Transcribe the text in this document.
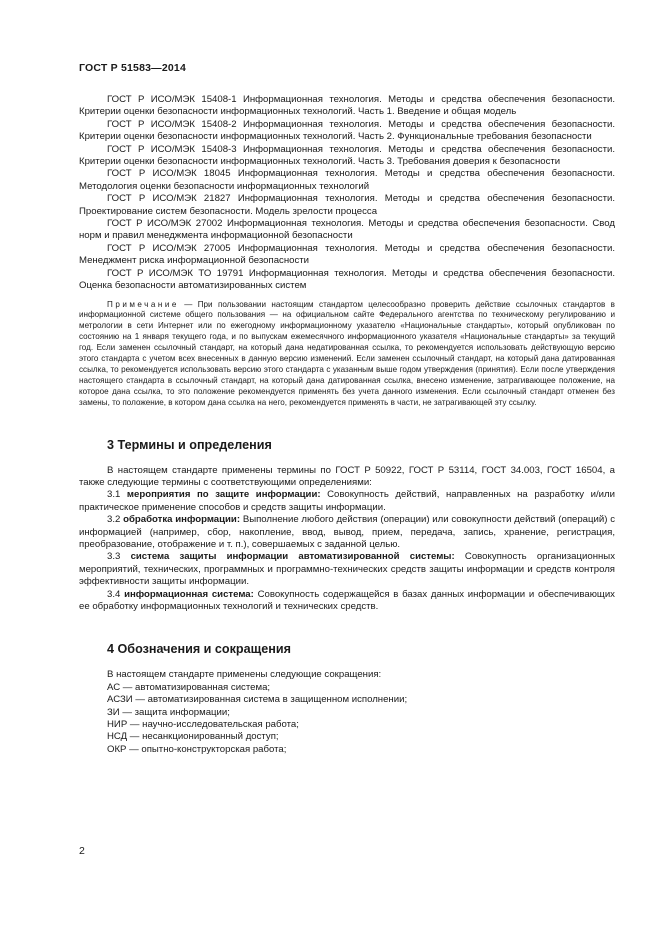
ГОСТ Р 51583—2014

ГОСТ Р ИСО/МЭК 15408-1 Информационная технология. Методы и средства обеспечения безопасности. Критерии оценки безопасности информационных технологий. Часть 1. Введение и общая модель

ГОСТ Р ИСО/МЭК 15408-2 Информационная технология. Методы и средства обеспечения безопасности. Критерии оценки безопасности информационных технологий. Часть 2. Функциональные требования безопасности

ГОСТ Р ИСО/МЭК 15408-3 Информационная технология. Методы и средства обеспечения безопасности. Критерии оценки безопасности информационных технологий. Часть 3. Требования доверия к безопасности

ГОСТ Р ИСО/МЭК 18045 Информационная технология. Методы и средства обеспечения безопасности. Методология оценки безопасности информационных технологий

ГОСТ Р ИСО/МЭК 21827 Информационная технология. Методы и средства обеспечения безопасности. Проектирование систем безопасности. Модель зрелости процесса

ГОСТ Р ИСО/МЭК 27002 Информационная технология. Методы и средства обеспечения безопасности. Свод норм и правил менеджмента информационной безопасности

ГОСТ Р ИСО/МЭК 27005 Информационная технология. Методы и средства обеспечения безопасности. Менеджмент риска информационной безопасности

ГОСТ Р ИСО/МЭК ТО 19791 Информационная технология. Методы и средства обеспечения безопасности. Оценка безопасности автоматизированных систем

Примечание — При пользовании настоящим стандартом целесообразно проверить действие ссылочных стандартов в информационной системе общего пользования — на официальном сайте Федерального агентства по техническому регулированию и метрологии в сети Интернет или по ежегодному информационному указателю «Национальные стандарты», который опубликован по состоянию на 1 января текущего года, и по выпускам ежемесячного информационного указателя «Национальные стандарты» за текущий год. Если заменен ссылочный стандарт, на который дана недатированная ссылка, то рекомендуется использовать действующую версию этого стандарта с учетом всех внесенных в данную версию изменений. Если заменен ссылочный стандарт, на который дана датированная ссылка, то рекомендуется использовать версию этого стандарта с указанным выше годом утверждения (принятия). Если после утверждения настоящего стандарта в ссылочный стандарт, на который дана датированная ссылка, внесено изменение, затрагивающее положение, на которое дана ссылка, то это положение рекомендуется применять без учета данного изменения. Если ссылочный стандарт отменен без замены, то положение, в котором дана ссылка на него, рекомендуется применять в части, не затрагивающей эту ссылку.

3 Термины и определения

В настоящем стандарте применены термины по ГОСТ Р 50922, ГОСТ Р 53114, ГОСТ 34.003, ГОСТ 16504, а также следующие термины с соответствующими определениями:

3.1 мероприятия по защите информации: Совокупность действий, направленных на разработку и/или практическое применение способов и средств защиты информации.

3.2 обработка информации: Выполнение любого действия (операции) или совокупности действий (операций) с информацией (например, сбор, накопление, ввод, вывод, прием, передача, запись, хранение, регистрация, преобразование, отображение и т. п.), совершаемых с заданной целью.

3.3 система защиты информации автоматизированной системы: Совокупность организационных мероприятий, технических, программных и программно-технических средств защиты информации и средств контроля эффективности защиты информации.

3.4 информационная система: Совокупность содержащейся в базах данных информации и обеспечивающих ее обработку информационных технологий и технических средств.

4 Обозначения и сокращения

В настоящем стандарте применены следующие сокращения:

АС — автоматизированная система;

АСЗИ — автоматизированная система в защищенном исполнении;

ЗИ — защита информации;

НИР — научно-исследовательская работа;

НСД — несанкционированный доступ;

ОКР — опытно-конструкторская работа;

2
